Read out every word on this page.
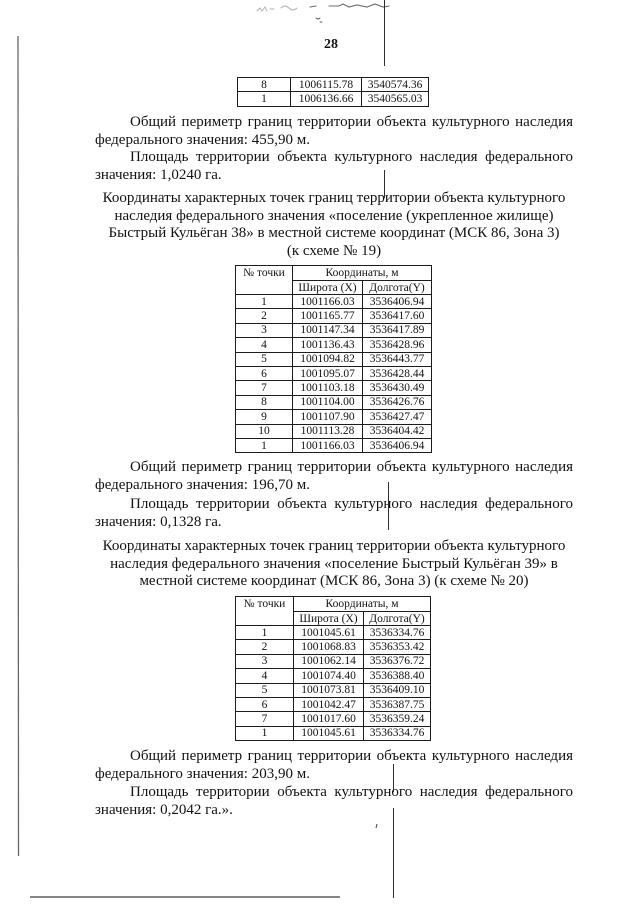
28
8	1006115.78	3540574.36
1	1006136.66	3540565.03
Общий периметр границ территории объекта культурного наследия
федерального значения: 455,90 м.
Площадь территории объекта культурного наследия федерального
значения: 1,0240 га.
Координаты характерных точек границ территории объекта культурного
наследия федерального значения «поселение (укрепленное жилище)
Быстрый Кульёган 38» в местной системе координат (МСК 86, Зона 3)
(к схеме № 19)
№ точки	Координаты, м	
	Широта (X)	Долгота(Y)
1	1001166.03	3536406.94
2	1001165.77	3536417.60
3	1001147.34	3536417.89
4	1001136.43	3536428.96
5	1001094.82	3536443.77
6	1001095.07	3536428.44
7	1001103.18	3536430.49
8	1001104.00	3536426.76
9	1001107.90	3536427.47
10	1001113.28	3536404.42
1	1001166.03	3536406.94
Общий периметр границ территории объекта культурного наследия
федерального значения: 196,70 м.
Площадь территории объекта культурного наследия федерального
значения: 0,1328 га.
Координаты характерных точек границ территории объекта культурного
наследия федерального значения «поселение Быстрый Кульёган 39» в
местной системе координат (МСК 86, Зона 3) (к схеме № 20)
№ точки	Координаты, м	
	Широта (X)	Долгота(Y)
1	1001045.61	3536334.76
2	1001068.83	3536353.42
3	1001062.14	3536376.72
4	1001074.40	3536388.40
5	1001073.81	3536409.10
6	1001042.47	3536387.75
7	1001017.60	3536359.24
1	1001045.61	3536334.76
Общий периметр границ территории объекта культурного наследия
федерального значения: 203,90 м.
Площадь территории объекта культурного наследия федерального
значения: 0,2042 га.».
